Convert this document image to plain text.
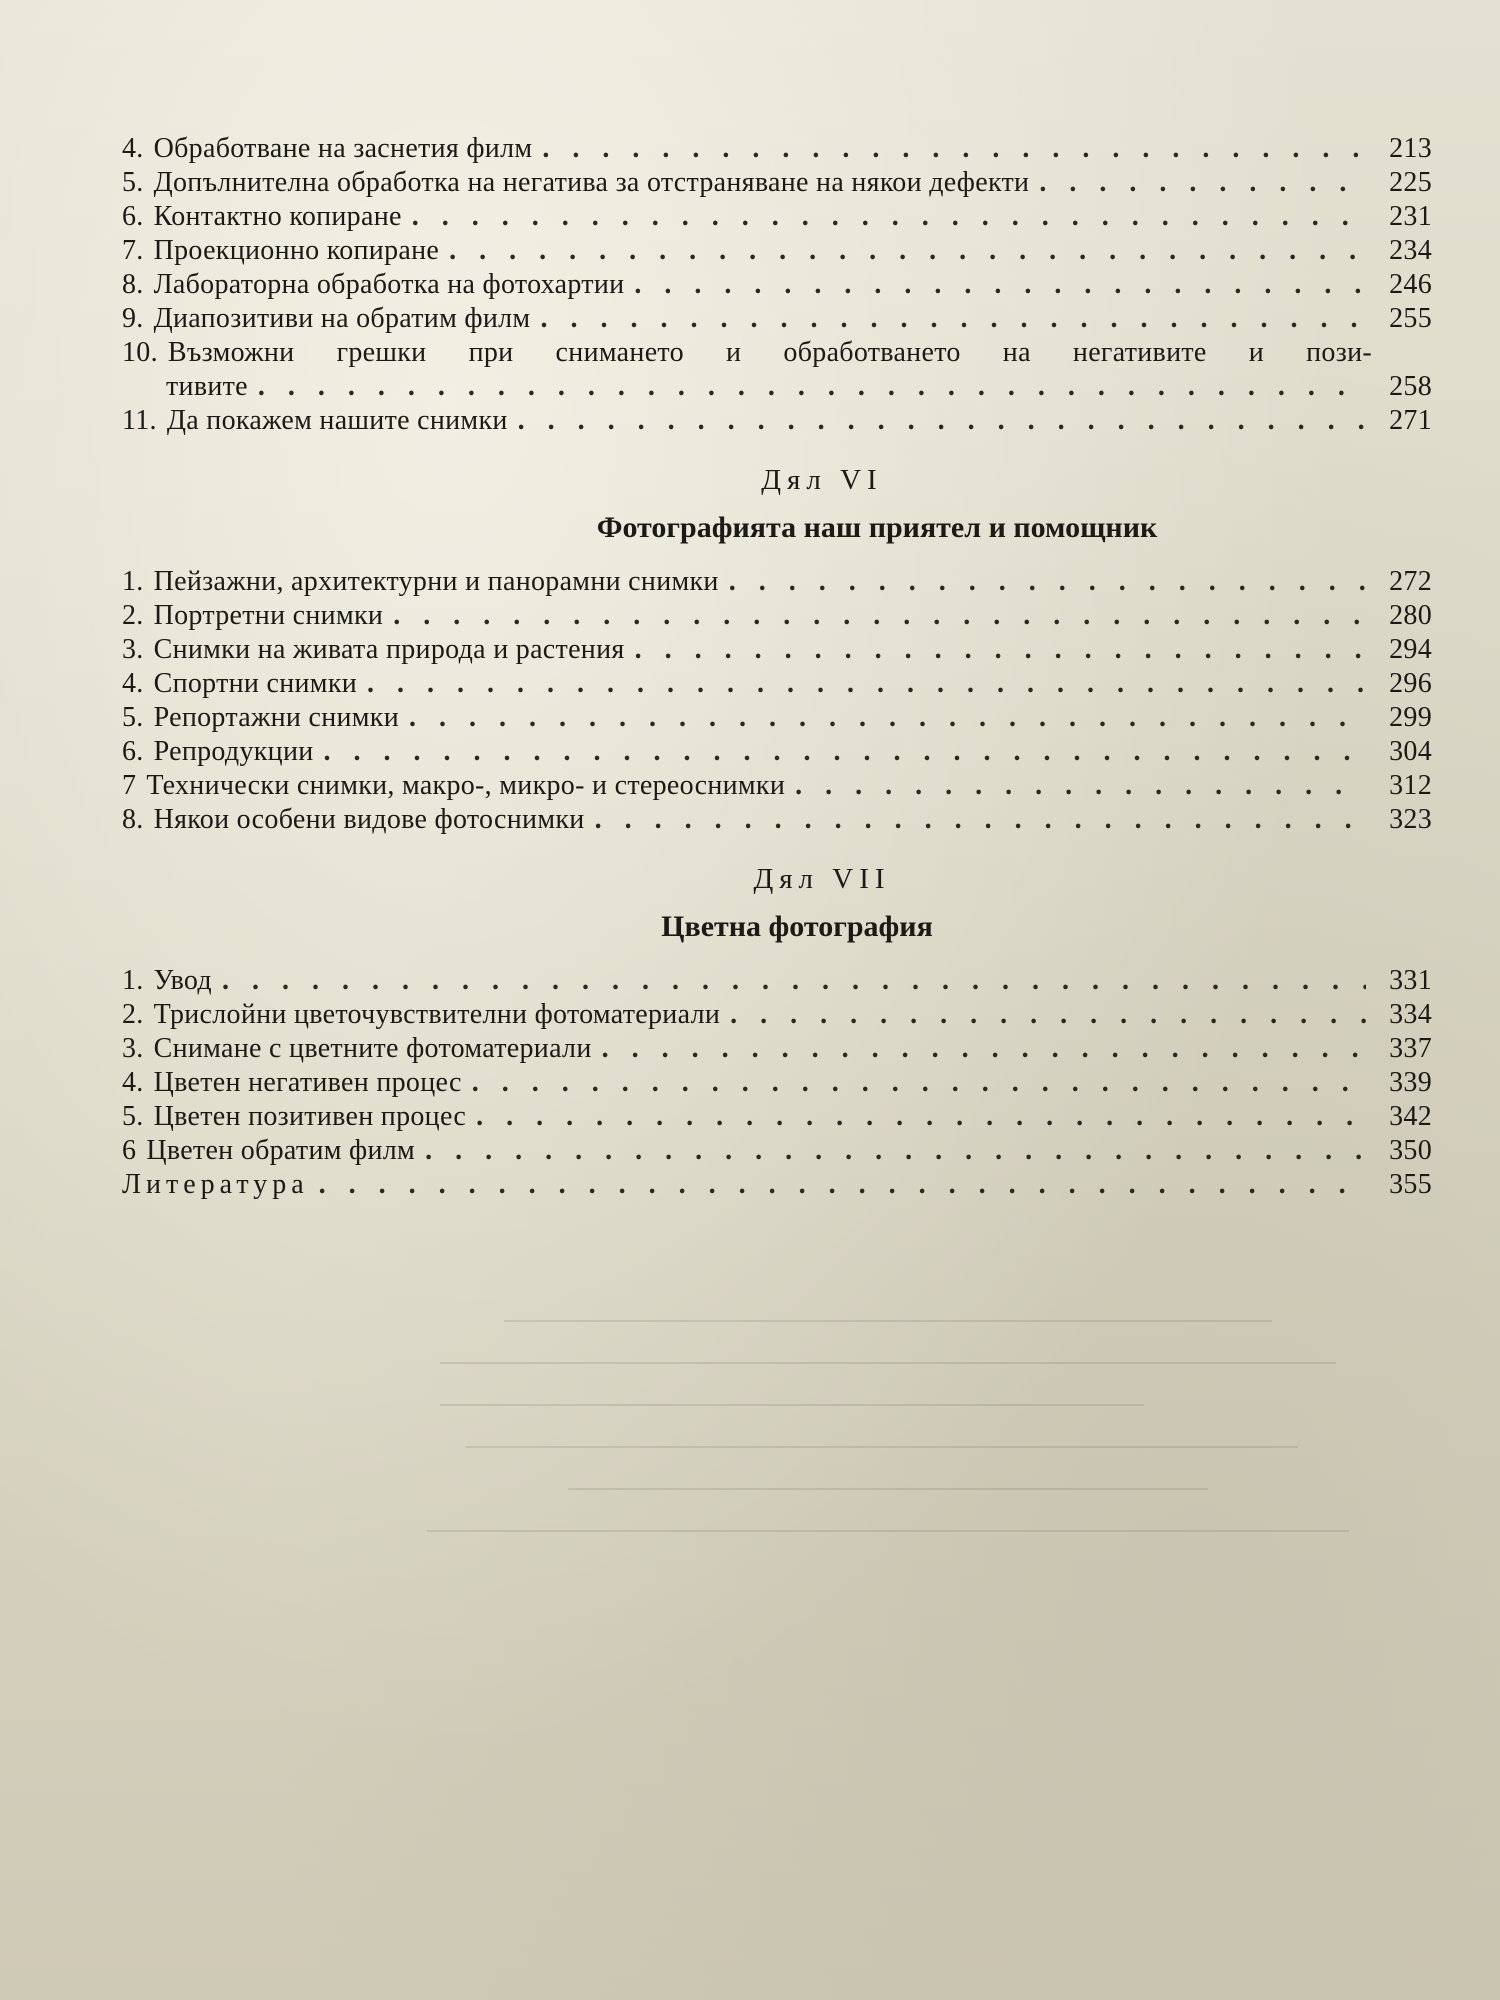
4. Обработване на заснетия филм . . .	213
5. Допълнителна обработка на негатива за отстраняване на някои дефекти . . .	225
6. Контактно копиране . . .	231
7. Проекционно копиране . . .	234
8. Лабораторна обработка на фотохартии . . .	246
9. Диапозитиви на обратим филм . . .	255
10. Възможни грешки при снимането и обработването на негативите и пози-
тивите . . .	258
11. Да покажем нашите снимки . . .	271
Дял VI
Фотографията наш приятел и помощник
1. Пейзажни, архитектурни и панорамни снимки . . .	272
2. Портретни снимки . . .	280
3. Снимки на живата природа и растения . . .	294
4. Спортни снимки . . .	296
5. Репортажни снимки . . .	299
6. Репродукции . . .	304
7 Технически снимки, макро-, микро- и стереоснимки . . .	312
8. Някои особени видове фотоснимки . . .	323
Дял VII
Цветна фотография
1. Увод . . .	331
2. Трислойни цветочувствителни фотоматериали . . .	334
3. Снимане с цветните фотоматериали . . .	337
4. Цветен негативен процес . . .	339
5. Цветен позитивен процес . . .	342
6 Цветен обратим филм . . .	350
Литература . . .	355
